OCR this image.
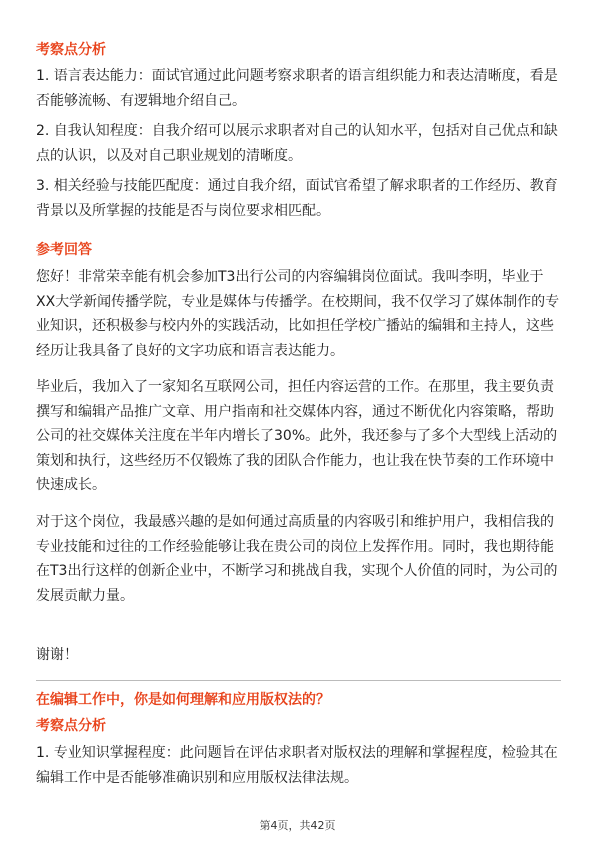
考察点分析
1. 语言表达能力：面试官通过此问题考察求职者的语言组织能力和表达清晰度，看是否能够流畅、有逻辑地介绍自己。
2. 自我认知程度：自我介绍可以展示求职者对自己的认知水平，包括对自己优点和缺点的认识，以及对自己职业规划的清晰度。
3. 相关经验与技能匹配度：通过自我介绍，面试官希望了解求职者的工作经历、教育背景以及所掌握的技能是否与岗位要求相匹配。
参考回答
您好！非常荣幸能有机会参加T3出行公司的内容编辑岗位面试。我叫李明，毕业于XX大学新闻传播学院，专业是媒体与传播学。在校期间，我不仅学习了媒体制作的专业知识，还积极参与校内外的实践活动，比如担任学校广播站的编辑和主持人，这些经历让我具备了良好的文字功底和语言表达能力。
毕业后，我加入了一家知名互联网公司，担任内容运营的工作。在那里，我主要负责撰写和编辑产品推广文章、用户指南和社交媒体内容，通过不断优化内容策略，帮助公司的社交媒体关注度在半年内增长了30%。此外，我还参与了多个大型线上活动的策划和执行，这些经历不仅锻炼了我的团队合作能力，也让我在快节奏的工作环境中快速成长。
对于这个岗位，我最感兴趣的是如何通过高质量的内容吸引和维护用户，我相信我的专业技能和过往的工作经验能够让我在贵公司的岗位上发挥作用。同时，我也期待能在T3出行这样的创新企业中，不断学习和挑战自我，实现个人价值的同时，为公司的发展贡献力量。
谢谢！
在编辑工作中，你是如何理解和应用版权法的？
考察点分析
1. 专业知识掌握程度：此问题旨在评估求职者对版权法的理解和掌握程度，检验其在编辑工作中是否能够准确识别和应用版权法律法规。
第4页，共42页
